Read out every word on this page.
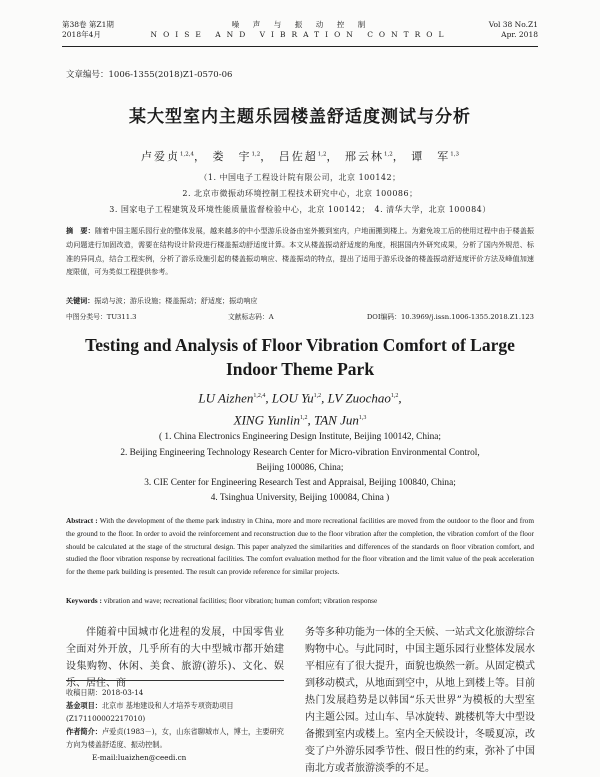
第38卷 第Z1期
2018年4月
噪　声　与　振　动　控　制
NOISE AND VIBRATION CONTROL
Vol 38 No.Z1
Apr. 2018
文章编号：1006-1355(2018)Z1-0570-06
某大型室内主题乐园楼盖舒适度测试与分析
卢爱贞$^{1,2,4}$， 娄　宇$^{1,2}$， 吕佐超$^{1,2}$， 邢云林$^{1,2}$， 谭　军$^{1,3}$
（1. 中国电子工程设计院有限公司，北京 100142；
2. 北京市微振动环境控制工程技术研究中心，北京 100086；
3. 国家电子工程建筑及环境性能质量监督检验中心，北京 100142；　4. 清华大学，北京 100084）
摘　要：随着中国主题乐园行业的整体发展，越来越多的中小型游乐设备由室外搬到室内，户地面搬到楼上。为避免竣工后的使用过程中由于楼盖振动问题进行加固改造，需要在结构设计阶段进行楼盖振动舒适度计算。本文从楼盖振动舒适度的角度，根据国内外研究成果，分析了国内外规范、标准的异同点，结合工程实例，分析了游乐设施引起的楼盖振动响应、楼盖振动的特点，提出了适用于游乐设备的楼盖振动舒适度评价方法及峰值加速度限值，可为类似工程提供参考。
关键词：振动与波；游乐设施；楼盖振动；舒适度；振动响应
中图分类号：TU311.3	文献标志码：A	DOI编码：10.3969/j.issn.1006-1355.2018.Z1.123
Testing and Analysis of Floor Vibration Comfort of Large Indoor Theme Park
LU Aizhen$^{1,2,4}$, LOU Yu$^{1,2}$, LV Zuochao$^{1,2}$,
XING Yunlin$^{1,2}$, TAN Jun$^{1,3}$
( 1. China Electronics Engineering Design Institute, Beijing 100142, China;
2. Beijing Engineering Technology Research Center for Micro-vibration Environmental Control,
Beijing 100086, China;
3. CIE Center for Engineering Research Test and Appraisal, Beijing 100840, China;
4. Tsinghua University, Beijing 100084, China )
Abstract : With the development of the theme park industry in China, more and more recreational facilities are moved from the outdoor to the floor and from the ground to the floor. In order to avoid the reinforcement and reconstruction due to the floor vibration after the completion, the vibration comfort of the floor should be calculated at the stage of the structural design. This paper analyzed the similarities and differences of the standards on floor vibration comfort, and studied the floor vibration response by recreational facilities. The comfort evaluation method for the floor vibration and the limit value of the peak acceleration for the theme park building is presented. The result can provide reference for similar projects.
Keywords : vibration and wave; recreational facilities; floor vibration; human comfort; vibration response
伴随着中国城市化进程的发展，中国零售业全面对外开放，几乎所有的大中型城市都开始建设集购物、休闲、美食、旅游(游乐)、文化、娱乐、居住、商
务等多种功能为一体的全天候、一站式文化旅游综合购物中心。与此同时，中国主题乐园行业整体发展水平相应有了很大提升，面貌也焕然一新。从固定模式到移动模式，从地面到空中，从地上到楼上等。目前热门发展趋势是以韩国“乐天世界”为模板的大型室内主题公园。过山车、旱冰旋转、跳楼机等大中型设备搬到室内或楼上。室内全天候设计，冬暖夏凉，改变了户外游乐园季节性、假日性的约束，弥补了中国南北方或者旅游淡季的不足。
收稿日期：2018-03-14
基金项目：北京市 基地建设和人才培养专项资助项目(Z171100002217010)
作者简介：卢爱贞(1983－)，女，山东省聊城市人，博士，主要研究方向为楼盖舒适度、振动控制。
E-mail:luaizhen@ceedi.cn
